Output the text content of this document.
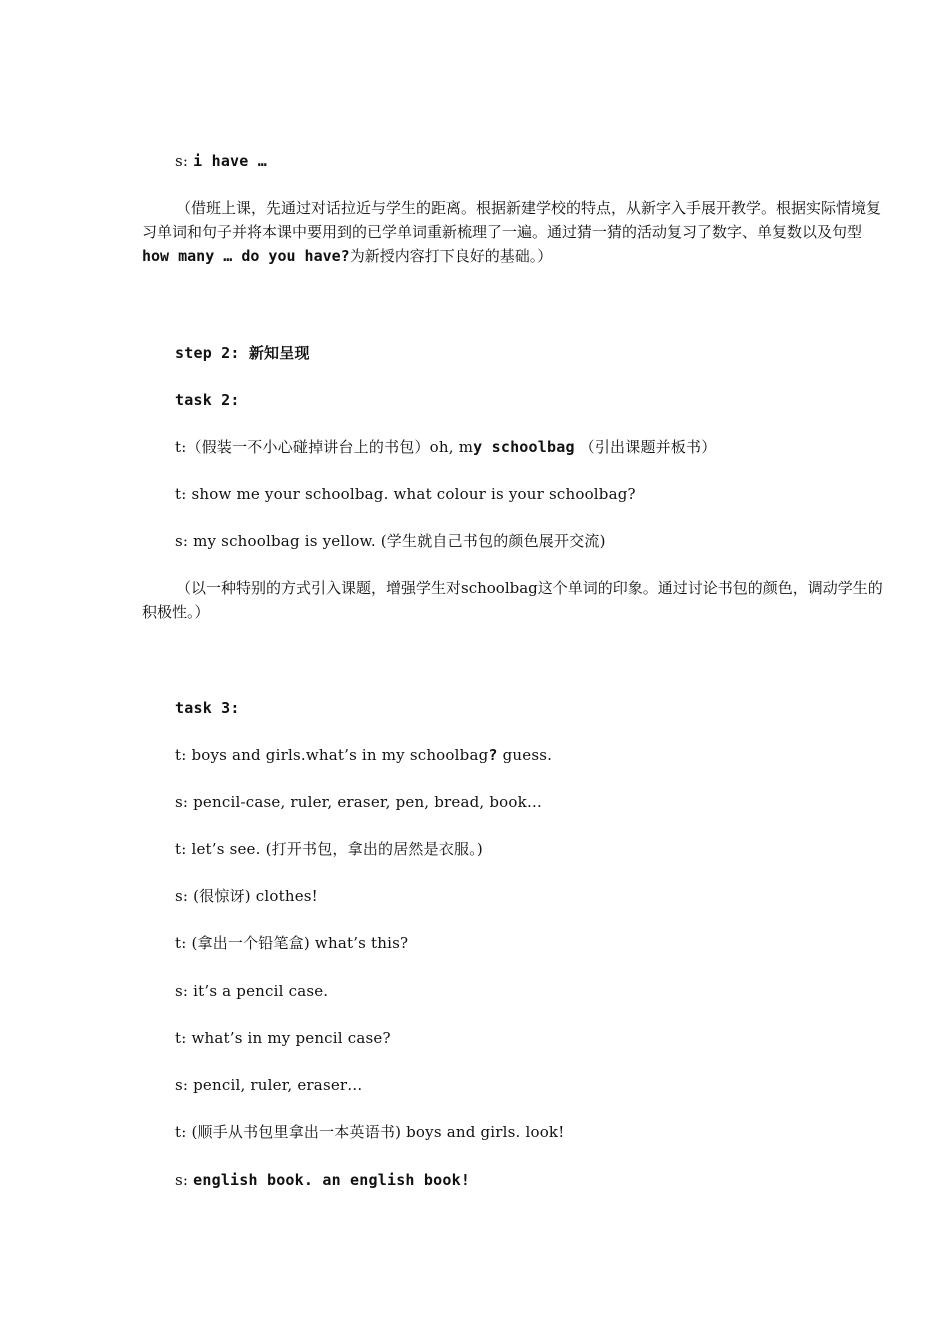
s: i have …
（借班上课，先通过对话拉近与学生的距离。根据新建学校的特点，从新字入手展开教学。根据实际情境复习单词和句子并将本课中要用到的已学单词重新梳理了一遍。通过猜一猜的活动复习了数字、单复数以及句型how many … do you have?为新授内容打下良好的基础。）
step 2: 新知呈现
task 2:
t:（假装一不小心碰掉讲台上的书包）oh, my schoolbag （引出课题并板书）
t: show me your schoolbag. what colour is your schoolbag?
s: my schoolbag is yellow. (学生就自己书包的颜色展开交流)
（以一种特别的方式引入课题，增强学生对schoolbag这个单词的印象。通过讨论书包的颜色，调动学生的积极性。）
task 3:
t: boys and girls.what’s in my schoolbag? guess.
s: pencil-case, ruler, eraser, pen, bread, book…
t: let’s see. (打开书包，拿出的居然是衣服。)
s: (很惊讶) clothes!
t: (拿出一个铅笔盒) what’s this?
s: it’s a pencil case.
t: what’s in my pencil case?
s: pencil, ruler, eraser…
t: (顺手从书包里拿出一本英语书) boys and girls. look!
s: english book. an english book!
